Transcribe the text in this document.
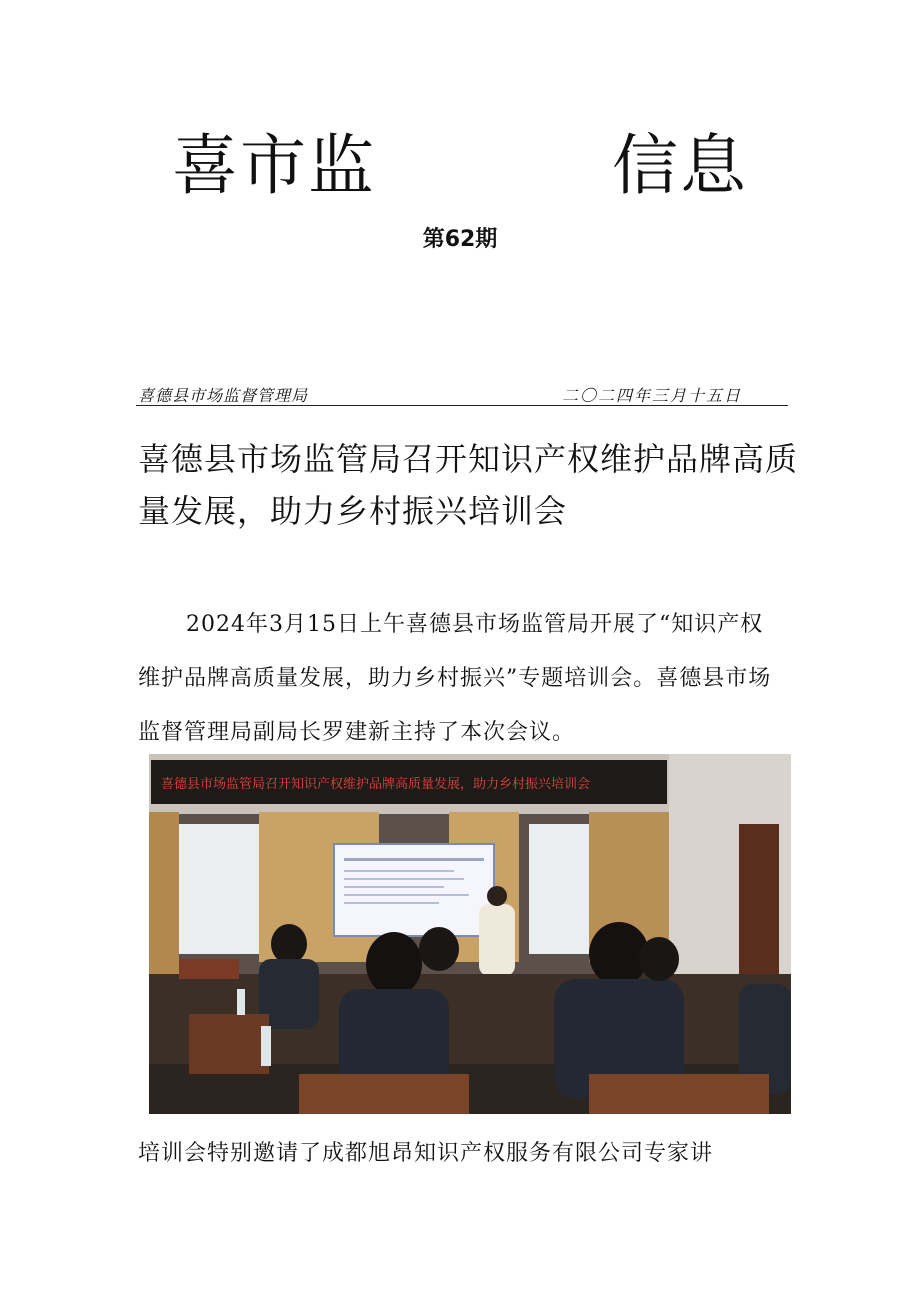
喜市监	信息
第62期
喜德县市场监督管理局	二〇二四年三月十五日
喜德县市场监管局召开知识产权维护品牌高质量发展，助力乡村振兴培训会

2024年3月15日上午喜德县市场监管局开展了“知识产权维护品牌高质量发展，助力乡村振兴”专题培训会。喜德县市场监督管理局副局长罗建新主持了本次会议。

喜德县市场监管局召开知识产权维护品牌高质量发展，助力乡村振兴培训会

培训会特别邀请了成都旭昂知识产权服务有限公司专家讲
